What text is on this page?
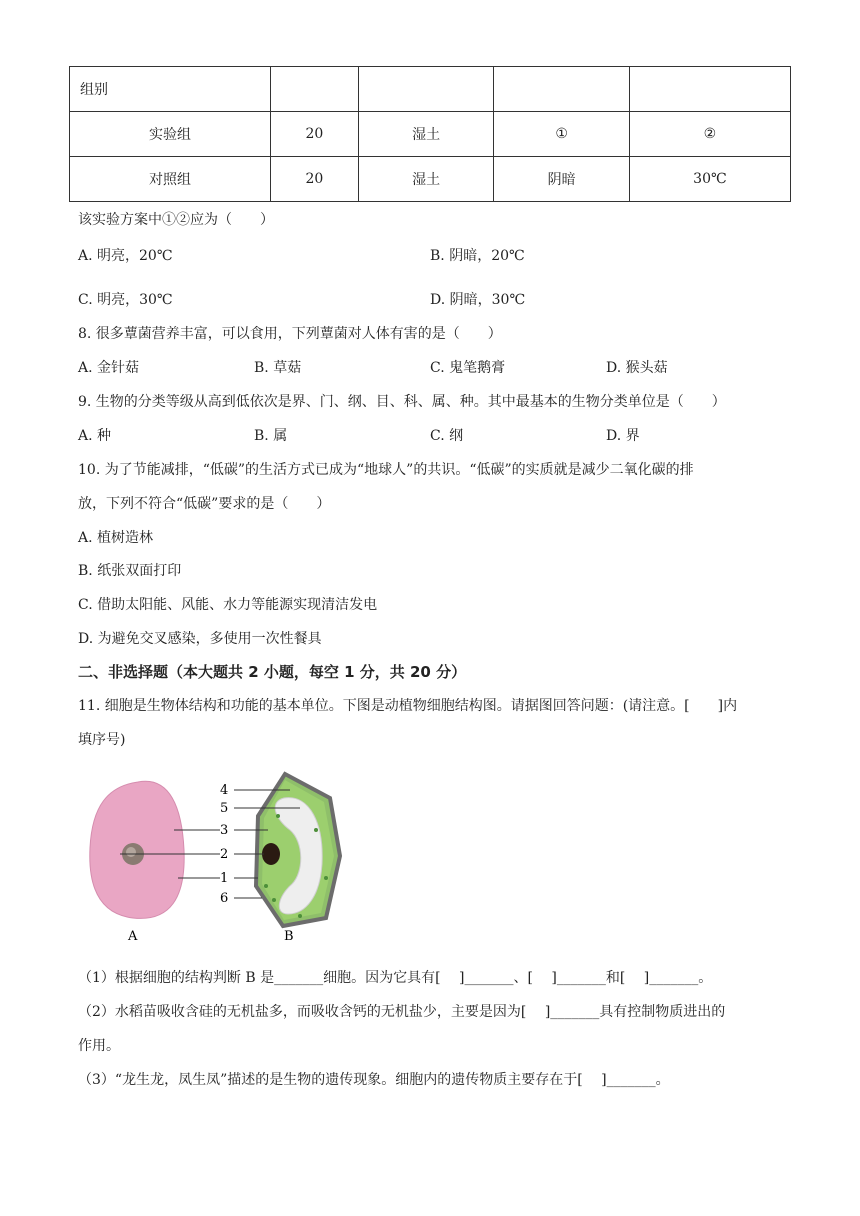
组别				
实验组	20	湿土	①	②
对照组	20	湿土	阴暗	30℃
该实验方案中①②应为（　　）
A. 明亮，20℃	B. 阴暗，20℃
C. 明亮，30℃	D. 阴暗，30℃
8. 很多蕈菌营养丰富，可以食用，下列蕈菌对人体有害的是（　　）
A. 金针菇	B. 草菇	C. 鬼笔鹅膏	D. 猴头菇
9. 生物的分类等级从高到低依次是界、门、纲、目、科、属、种。其中最基本的生物分类单位是（　　）
A. 种	B. 属	C. 纲	D. 界
10. 为了节能减排，“低碳”的生活方式已成为“地球人”的共识。“低碳”的实质就是减少二氧化碳的排
放，下列不符合“低碳”要求的是（　　）
A. 植树造林
B. 纸张双面打印
C. 借助太阳能、风能、水力等能源实现清洁发电
D. 为避免交叉感染，多使用一次性餐具
二、非选择题（本大题共 2 小题，每空 1 分，共 20 分）
11. 细胞是生物体结构和功能的基本单位。下图是动植物细胞结构图。请据图回答问题：(请注意。[　　]内
填序号)
4
5
3
2
1
6
A	B
（1）根据细胞的结构判断 B 是_______细胞。因为它具有[　 ]_______、[　 ]_______和[　 ]_______。
（2）水稻苗吸收含硅的无机盐多，而吸收含钙的无机盐少，主要是因为[　 ]_______具有控制物质进出的
作用。
（3）“龙生龙，凤生凤”描述的是生物的遗传现象。细胞内的遗传物质主要存在于[　 ]_______。
